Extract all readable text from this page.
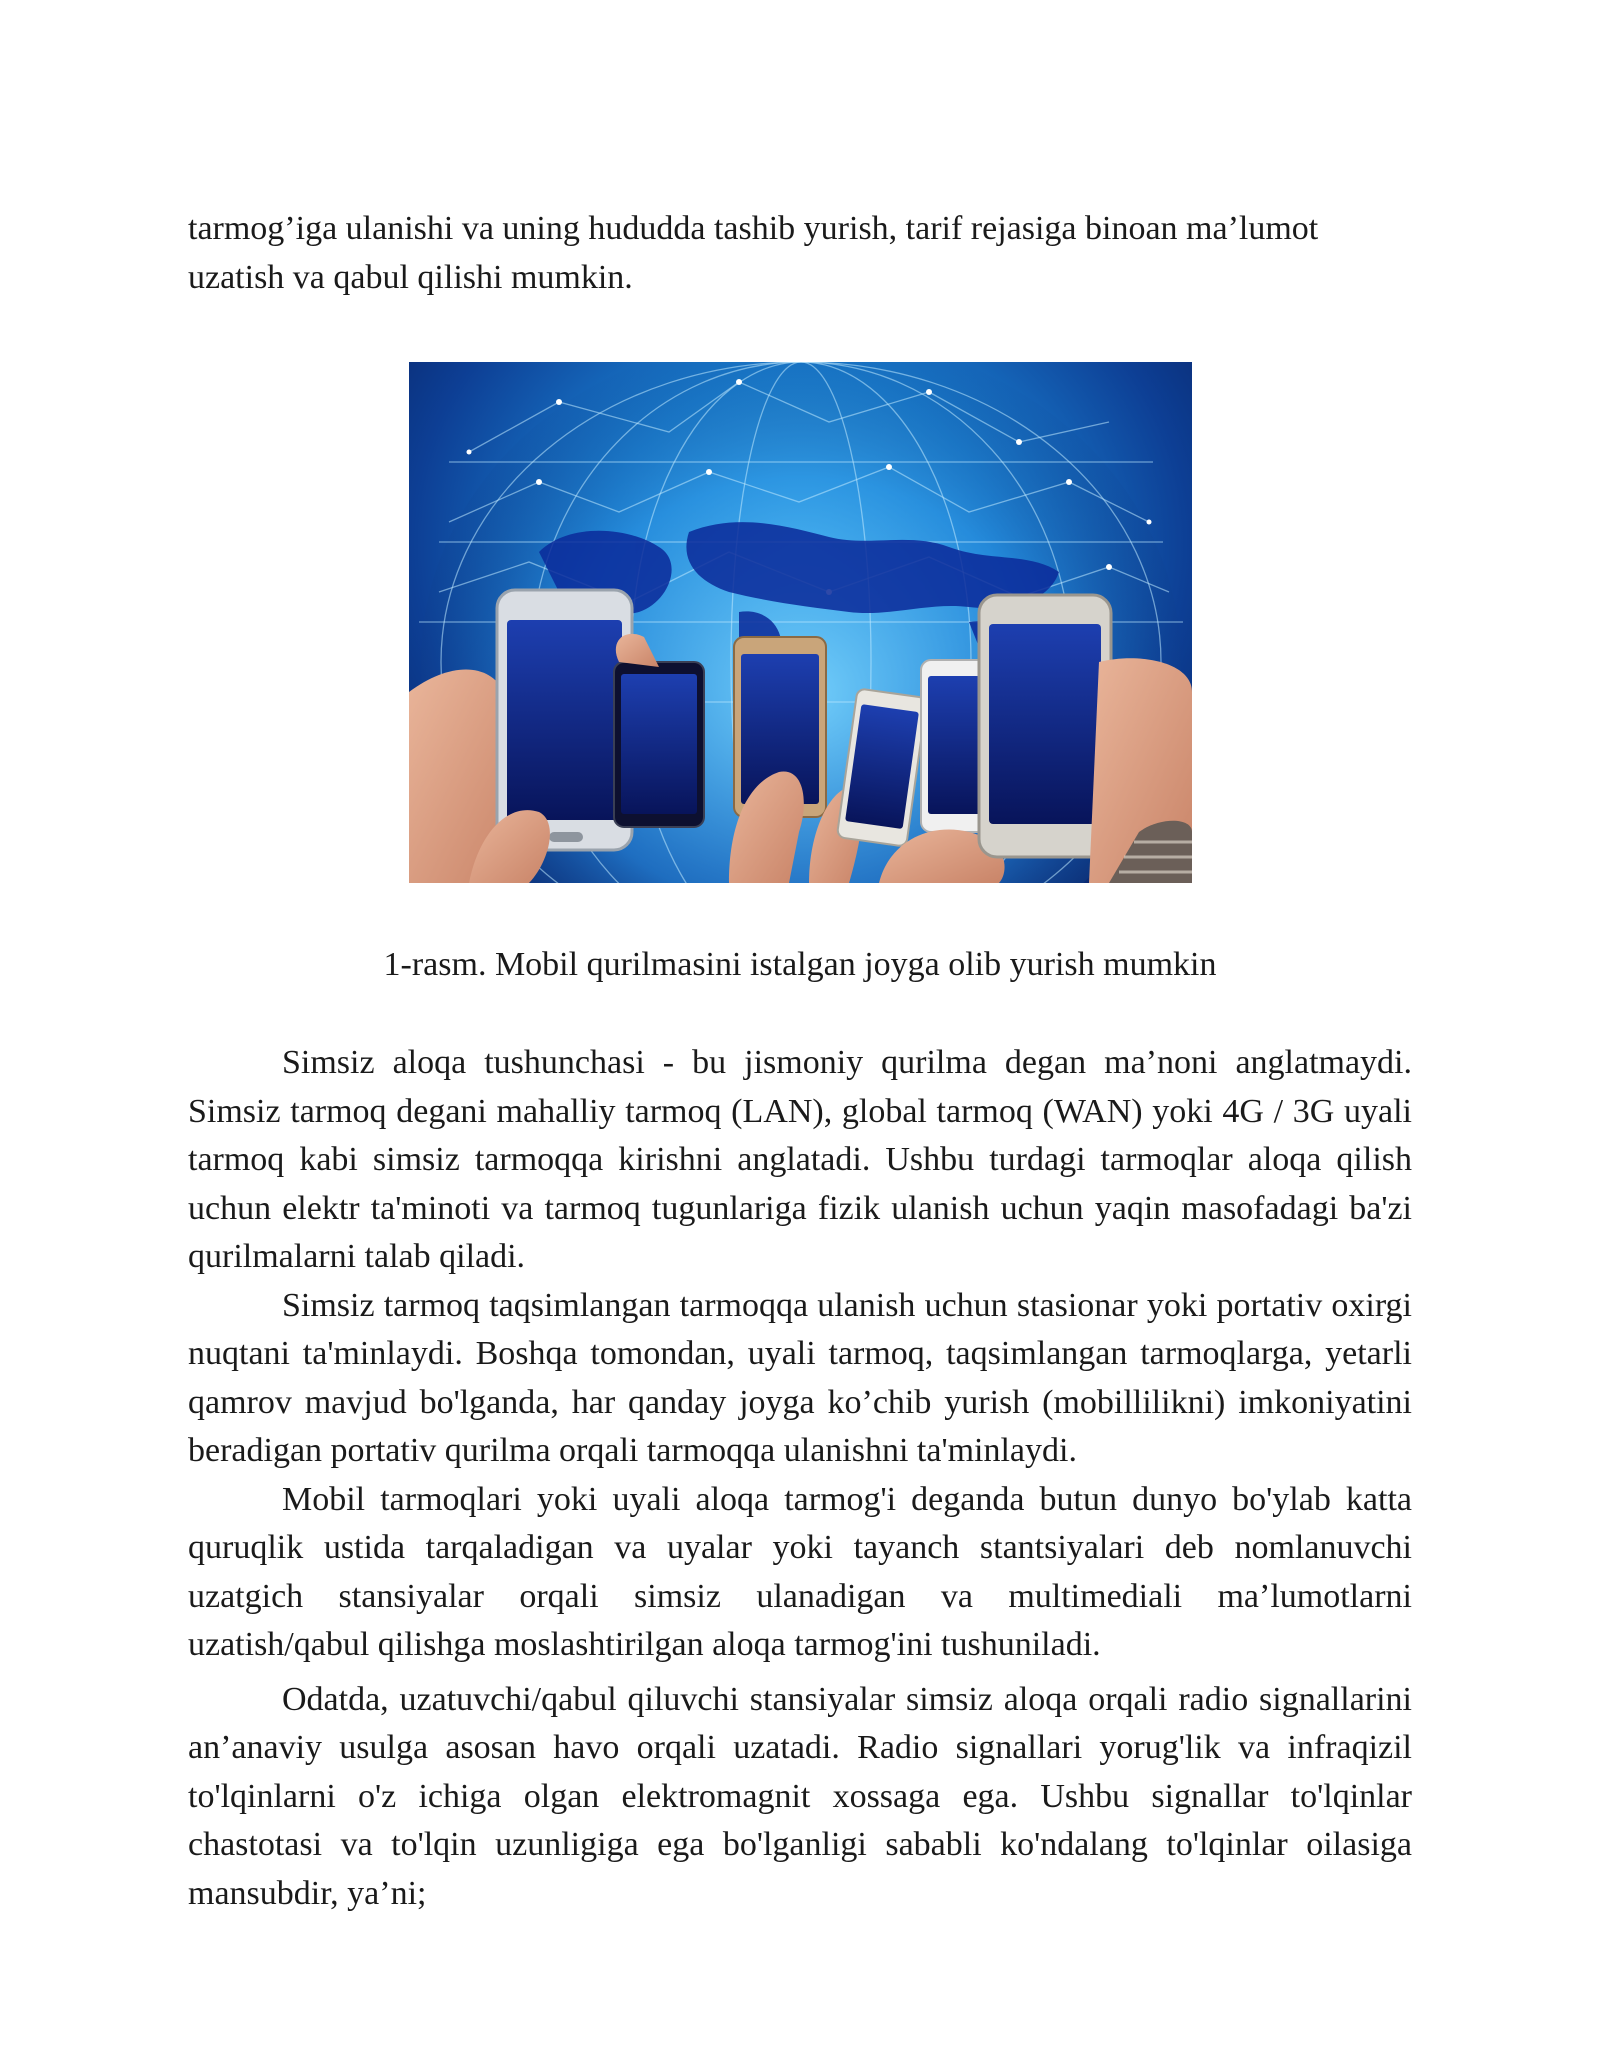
tarmog’iga ulanishi va uning hududda tashib yurish, tarif rejasiga binoan ma’lumot uzatish va qabul qilishi mumkin.

1-rasm. Mobil qurilmasini istalgan joyga olib yurish mumkin

Simsiz aloqa tushunchasi - bu jismoniy qurilma degan ma’noni anglatmaydi. Simsiz tarmoq degani mahalliy tarmoq (LAN), global tarmoq (WAN) yoki 4G / 3G uyali tarmoq kabi simsiz tarmoqqa kirishni anglatadi. Ushbu turdagi tarmoqlar aloqa qilish uchun elektr ta'minoti va tarmoq tugunlariga fizik ulanish uchun yaqin masofadagi ba'zi qurilmalarni talab qiladi.

Simsiz tarmoq taqsimlangan tarmoqqa ulanish uchun stasionar yoki portativ oxirgi nuqtani ta'minlaydi. Boshqa tomondan, uyali tarmoq, taqsimlangan tarmoqlarga, yetarli qamrov mavjud bo'lganda, har qanday joyga ko’chib yurish (mobillilikni) imkoniyatini beradigan portativ qurilma orqali tarmoqqa ulanishni ta'minlaydi.

Mobil tarmoqlari yoki uyali aloqa tarmog'i deganda butun dunyo bo'ylab katta quruqlik ustida tarqaladigan va uyalar yoki tayanch stantsiyalari deb nomlanuvchi uzatgich stansiyalar orqali simsiz ulanadigan va multimediali ma’lumotlarni uzatish/qabul qilishga moslashtirilgan aloqa tarmog'ini tushuniladi.

Odatda, uzatuvchi/qabul qiluvchi stansiyalar simsiz aloqa orqali radio signallarini an’anaviy usulga asosan havo orqali uzatadi. Radio signallari yorug'lik va infraqizil to'lqinlarni o'z ichiga olgan elektromagnit xossaga ega. Ushbu signallar to'lqinlar chastotasi va to'lqin uzunligiga ega bo'lganligi sababli ko'ndalang to'lqinlar oilasiga mansubdir, ya’ni;
